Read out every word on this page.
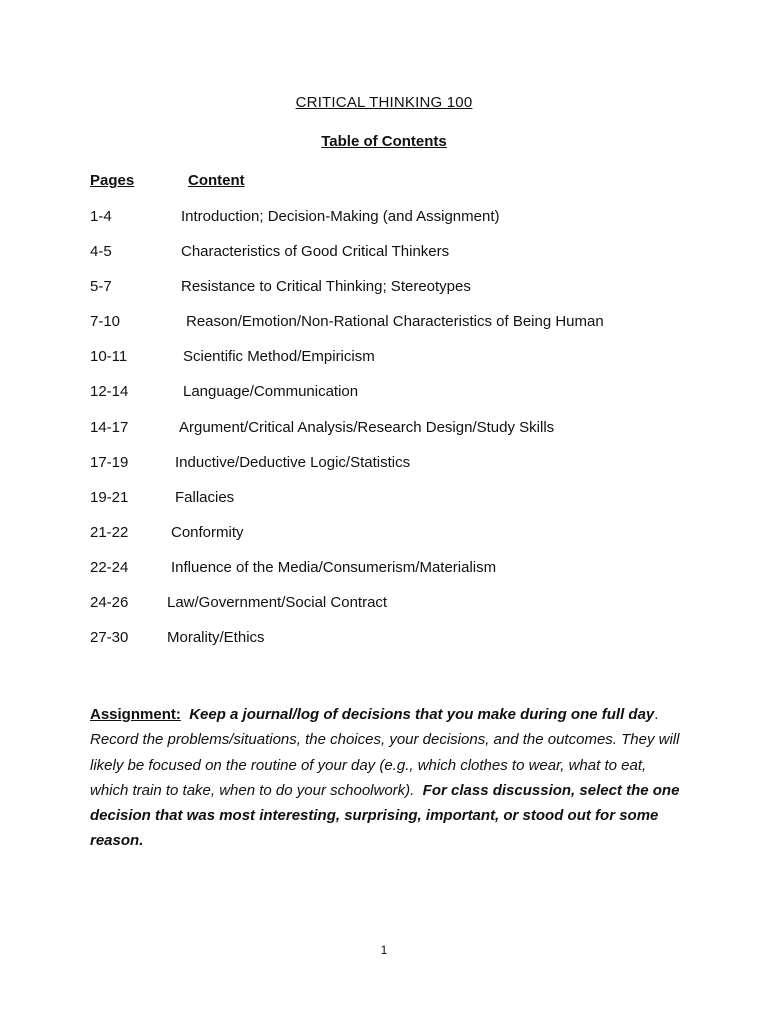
CRITICAL THINKING 100
Table of Contents
Pages	Content
1-4	Introduction; Decision-Making (and Assignment)
4-5	Characteristics of Good Critical Thinkers
5-7	Resistance to Critical Thinking; Stereotypes
7-10	Reason/Emotion/Non-Rational Characteristics of Being Human
10-11	Scientific Method/Empiricism
12-14	Language/Communication
14-17	Argument/Critical Analysis/Research Design/Study Skills
17-19	Inductive/Deductive Logic/Statistics
19-21	Fallacies
21-22	Conformity
22-24	Influence of the Media/Consumerism/Materialism
24-26	Law/Government/Social Contract
27-30	Morality/Ethics
Assignment: Keep a journal/log of decisions that you make during one full day. Record the problems/situations, the choices, your decisions, and the outcomes. They will likely be focused on the routine of your day (e.g., which clothes to wear, what to eat, which train to take, when to do your schoolwork). For class discussion, select the one decision that was most interesting, surprising, important, or stood out for some reason.
1
